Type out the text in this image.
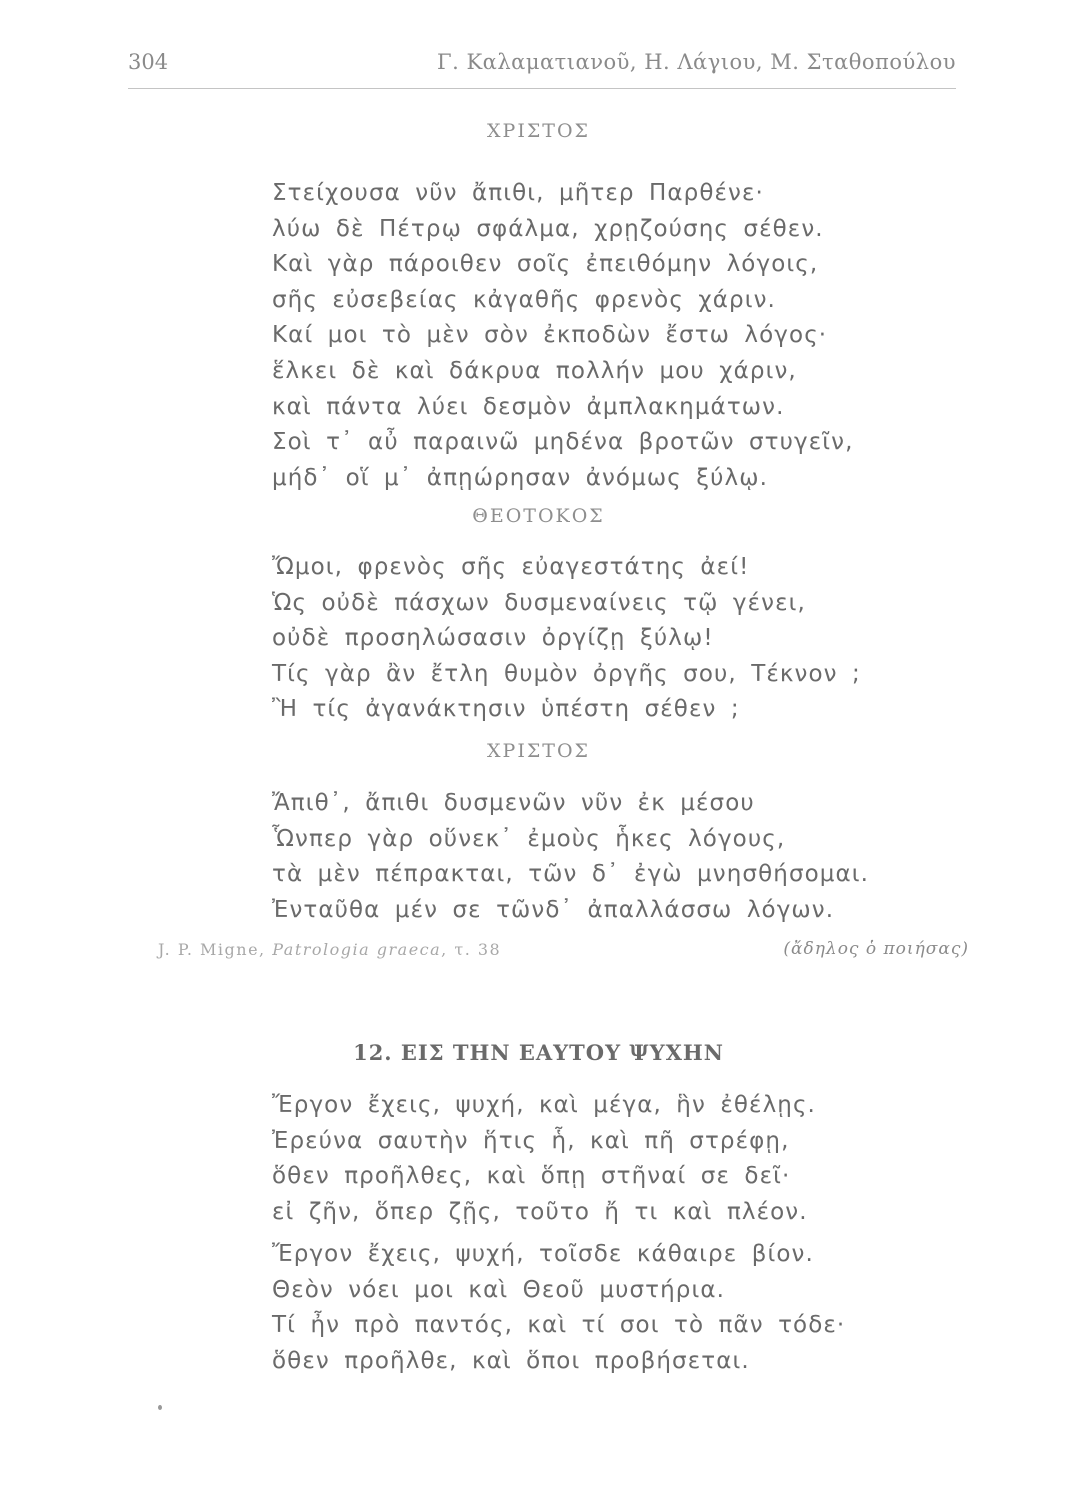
304	Γ. Καλαματιανοῦ, Η. Λάγιου, Μ. Σταθοπούλου
ΧΡΙΣΤΟΣ
Στείχουσα νῦν ἄπιθι, μῆτερ Παρθένε·
λύω δὲ Πέτρῳ σφάλμα, χρῃζούσης σέθεν.
Καὶ γὰρ πάροιθεν σοῖς ἐπειθόμην λόγοις,
σῆς εὐσεβείας κἀγαθῆς φρενὸς χάριν.
Καί μοι τὸ μὲν σὸν ἐκποδὼν ἔστω λόγος·
ἕλκει δὲ καὶ δάκρυα πολλήν μου χάριν,
καὶ πάντα λύει δεσμὸν ἀμπλακημάτων.
Σοὶ τ᾽ αὖ παραινῶ μηδένα βροτῶν στυγεῖν,
μήδ᾽ οἵ μ᾽ ἀπῃώρησαν ἀνόμως ξύλῳ.
ΘΕΟΤΟΚΟΣ
Ὤμοι, φρενὸς σῆς εὐαγεστάτης ἀεί!
Ὡς οὐδὲ πάσχων δυσμεναίνεις τῷ γένει,
οὐδὲ προσηλώσασιν ὀργίζῃ ξύλῳ!
Τίς γὰρ ἂν ἔτλη θυμὸν ὀργῆς σου, Τέκνον ;
Ἢ τίς ἀγανάκτησιν ὑπέστη σέθεν ;
ΧΡΙΣΤΟΣ
Ἄπιθ᾽, ἄπιθι δυσμενῶν νῦν ἐκ μέσου
Ὧνπερ γὰρ οὕνεκ᾽ ἐμοὺς ἧκες λόγους,
τὰ μὲν πέπρακται, τῶν δ᾽ ἐγὼ μνησθήσομαι.
Ἐνταῦθα μέν σε τῶνδ᾽ ἀπαλλάσσω λόγων.
J. P. Migne, Patrologia graeca, τ. 38	(ἄδηλος ὁ ποιήσας)
12. ΕΙΣ ΤΗΝ ΕΑΥΤΟΥ ΨΥΧΗΝ
Ἔργον ἔχεις, ψυχή, καὶ μέγα, ἣν ἐθέλῃς.
Ἐρεύνα σαυτὴν ἥτις ἧ, καὶ πῆ στρέφῃ,
ὅθεν προῆλθες, καὶ ὅπῃ στῆναί σε δεῖ·
εἰ ζῆν, ὅπερ ζῇς, τοῦτο ἤ τι καὶ πλέον.
Ἔργον ἔχεις, ψυχή, τοῖσδε κάθαιρε βίον.
Θεὸν νόει μοι καὶ Θεοῦ μυστήρια.
Τί ἦν πρὸ παντός, καὶ τί σοι τὸ πᾶν τόδε·
ὅθεν προῆλθε, καὶ ὅποι προβήσεται.
